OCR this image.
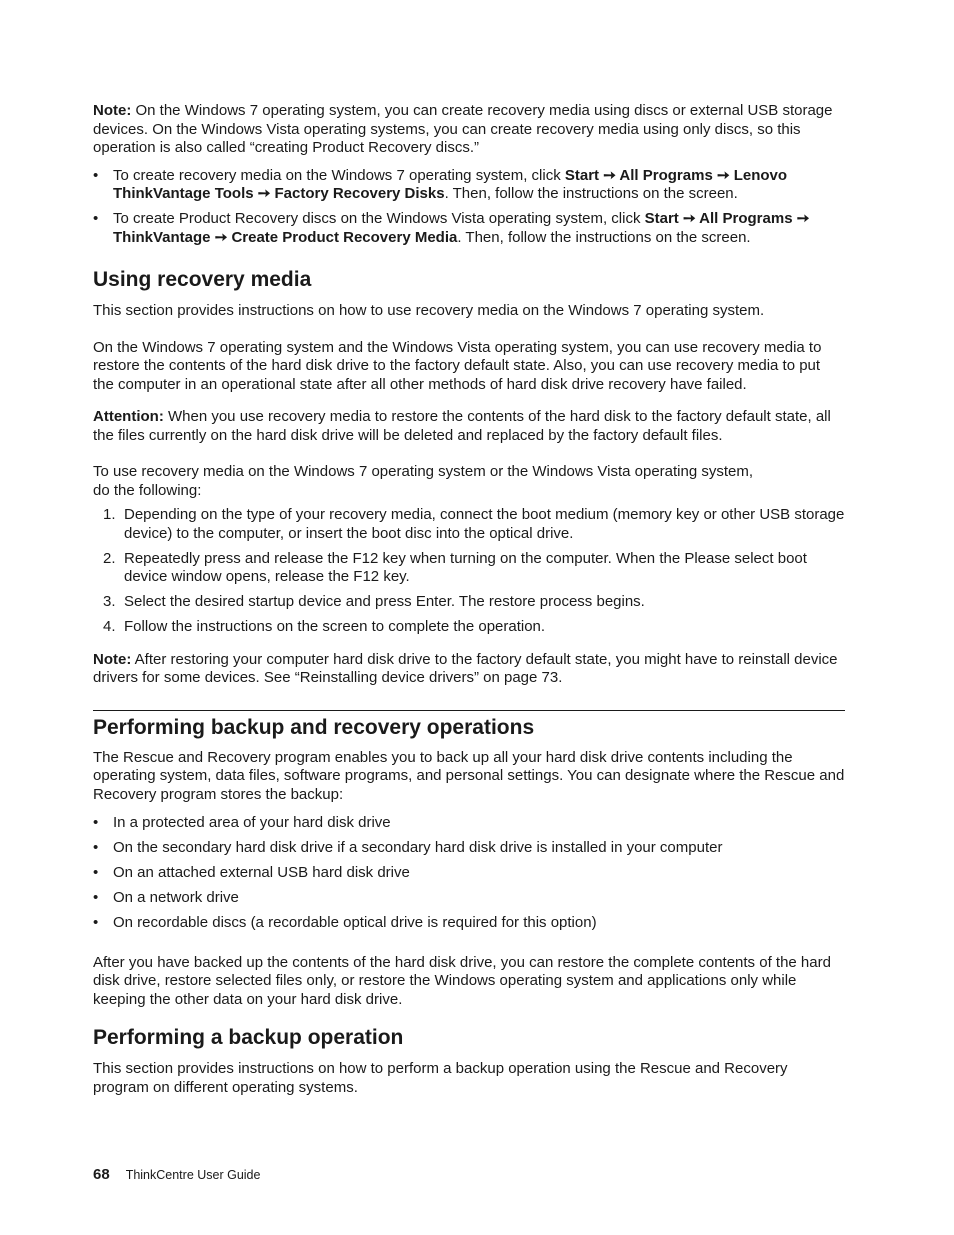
Note: On the Windows 7 operating system, you can create recovery media using discs or external USB storage devices. On the Windows Vista operating systems, you can create recovery media using only discs, so this operation is also called “creating Product Recovery discs.”

• To create recovery media on the Windows 7 operating system, click Start ➙ All Programs ➙ Lenovo ThinkVantage Tools ➙ Factory Recovery Disks. Then, follow the instructions on the screen.
• To create Product Recovery discs on the Windows Vista operating system, click Start ➙ All Programs ➙ ThinkVantage ➙ Create Product Recovery Media. Then, follow the instructions on the screen.
Using recovery media

This section provides instructions on how to use recovery media on the Windows 7 operating system.

On the Windows 7 operating system and the Windows Vista operating system, you can use recovery media to restore the contents of the hard disk drive to the factory default state. Also, you can use recovery media to put the computer in an operational state after all other methods of hard disk drive recovery have failed.

Attention: When you use recovery media to restore the contents of the hard disk to the factory default state, all the files currently on the hard disk drive will be deleted and replaced by the factory default files.

To use recovery media on the Windows 7 operating system or the Windows Vista operating system,
do the following:

1. Depending on the type of your recovery media, connect the boot medium (memory key or other USB storage device) to the computer, or insert the boot disc into the optical drive.
2. Repeatedly press and release the F12 key when turning on the computer. When the Please select boot device window opens, release the F12 key.
3. Select the desired startup device and press Enter. The restore process begins.
4. Follow the instructions on the screen to complete the operation.

Note: After restoring your computer hard disk drive to the factory default state, you might have to reinstall device drivers for some devices. See “Reinstalling device drivers” on page 73.

Performing backup and recovery operations

The Rescue and Recovery program enables you to back up all your hard disk drive contents including the operating system, data files, software programs, and personal settings. You can designate where the Rescue and Recovery program stores the backup:

• In a protected area of your hard disk drive
• On the secondary hard disk drive if a secondary hard disk drive is installed in your computer
• On an attached external USB hard disk drive
• On a network drive
• On recordable discs (a recordable optical drive is required for this option)

After you have backed up the contents of the hard disk drive, you can restore the complete contents of the hard disk drive, restore selected files only, or restore the Windows operating system and applications only while keeping the other data on your hard disk drive.

Performing a backup operation

This section provides instructions on how to perform a backup operation using the Rescue and Recovery program on different operating systems.

68 ThinkCentre User Guide
